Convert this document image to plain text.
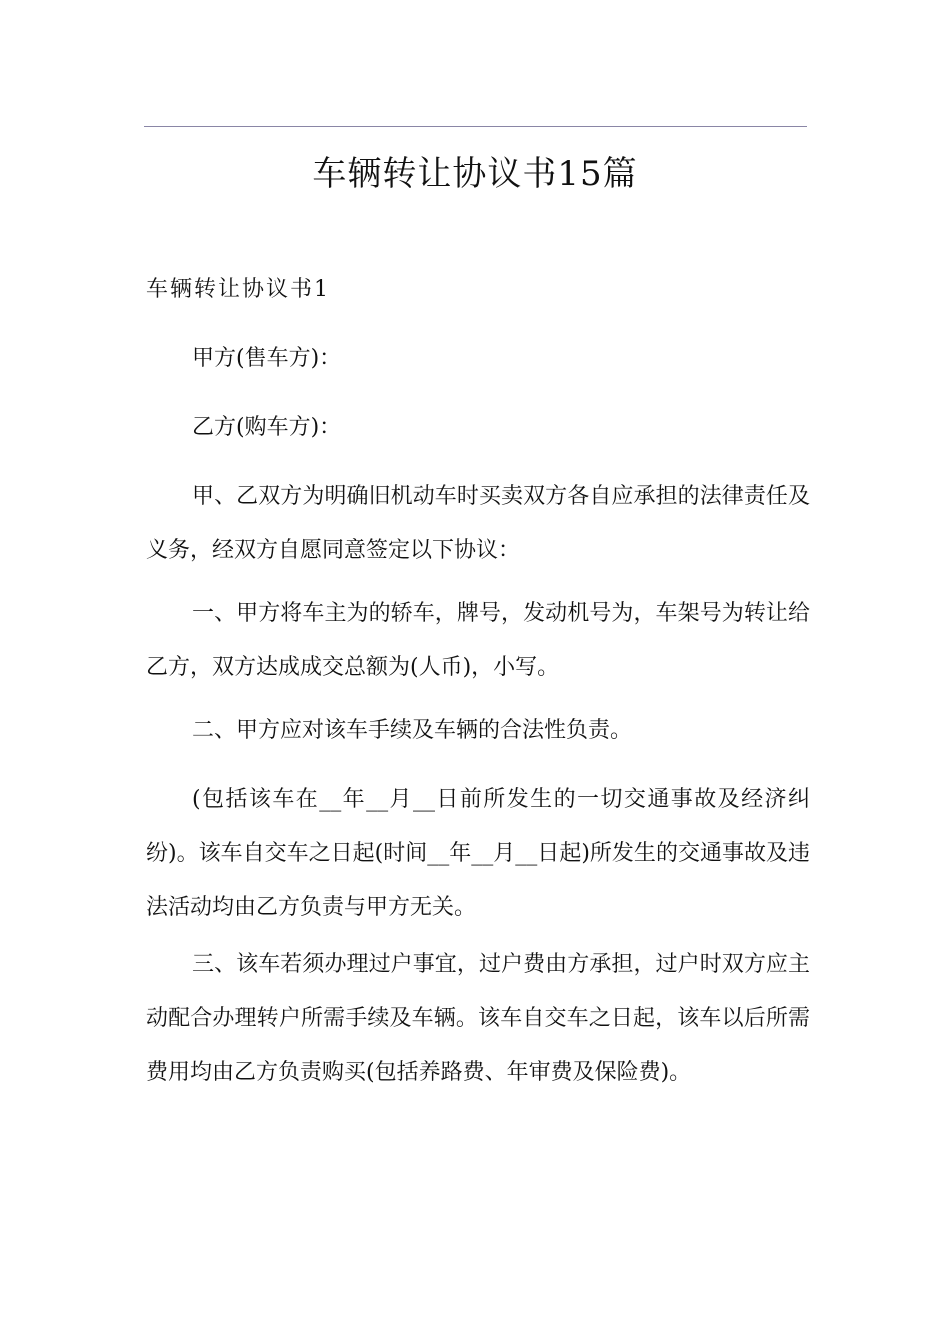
车辆转让协议书15篇
车辆转让协议书1

甲方(售车方)：

乙方(购车方)：

甲、乙双方为明确旧机动车时买卖双方各自应承担的法律责任及义务，经双方自愿同意签定以下协议：

一、甲方将车主为的轿车，牌号，发动机号为，车架号为转让给乙方，双方达成成交总额为(人币)，小写。

二、甲方应对该车手续及车辆的合法性负责。

(包括该车在__年__月__日前所发生的一切交通事故及经济纠纷)。该车自交车之日起(时间__年__月__日起)所发生的交通事故及违法活动均由乙方负责与甲方无关。

三、该车若须办理过户事宜，过户费由方承担，过户时双方应主动配合办理转户所需手续及车辆。该车自交车之日起，该车以后所需费用均由乙方负责购买(包括养路费、年审费及保险费)。
